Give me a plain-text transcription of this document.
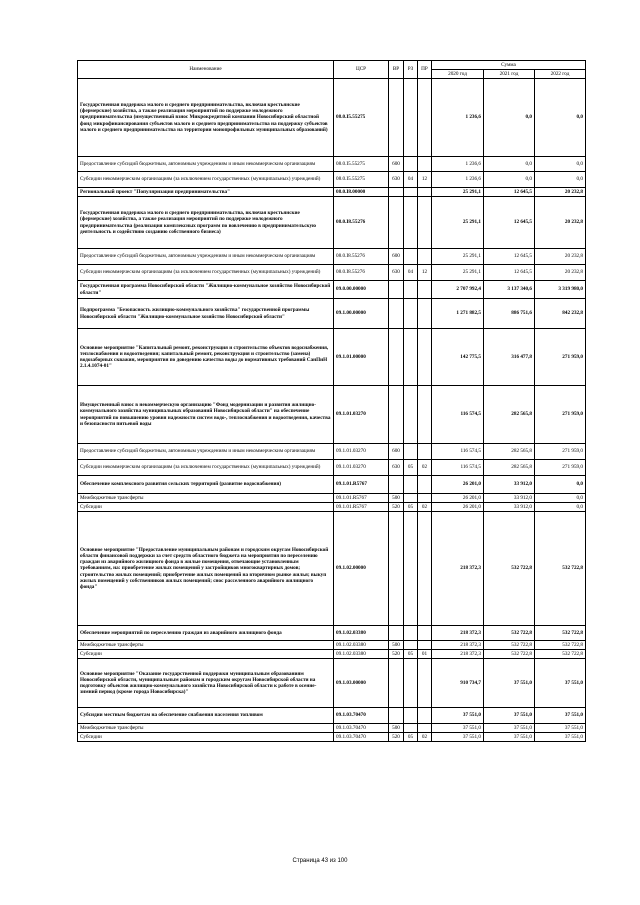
Наименование	ЦСР	ВР	РЗ	ПР	Сумма		
					2020 год	2021 год	2022 год
Государственная поддержка малого и среднего предпринимательства, включая крестьянские (фермерские) хозяйства, а также реализация мероприятий по поддержке молодежного предпринимательства (имущественный взнос Микрокредитной компании Новосибирский областной фонд микрофинансирования субъектов малого и среднего предпринимательства на поддержку субъектов малого и среднего предпринимательства на территории монопрофильных муниципальных образований)	08.0.I5.55275				1 236,6	0,0	0,0
Предоставление субсидий бюджетным, автономным учреждениям и иным некоммерческим организациям	08.0.I5.55275	600			1 236,6	0,0	0,0
Субсидии некоммерческим организациям (за исключением государственных (муниципальных) учреждений)	08.0.I5.55275	630	04	12	1 236,6	0,0	0,0
Региональный проект "Популяризация предпринимательства"	08.0.I8.00000				25 291,1	12 645,5	20 232,8
Государственная поддержка малого и среднего предпринимательства, включая крестьянские (фермерские) хозяйства, а также реализация мероприятий по поддержке молодежного предпринимательства (реализация комплексных программ по вовлечению в предпринимательскую деятельность и содействию созданию собственного бизнеса)	08.0.I8.55276				25 291,1	12 645,5	20 232,8
Предоставление субсидий бюджетным, автономным учреждениям и иным некоммерческим организациям	08.0.I8.55276	600			25 291,1	12 645,5	20 232,8
Субсидии некоммерческим организациям (за исключением государственных (муниципальных) учреждений)	08.0.I8.55276	630	04	12	25 291,1	12 645,5	20 232,8
Государственная программа Новосибирской области "Жилищно-коммунальное хозяйство Новосибирской области"	09.0.00.00000				2 707 992,4	3 137 340,6	3 319 980,0
Подпрограмма "Безопасность жилищно-коммунального хозяйства" государственной программы Новосибирской области "Жилищно-коммунальное хозяйство Новосибирской области"	09.1.00.00000				1 271 882,5	886 751,6	842 232,8
Основное мероприятие "Капитальный ремонт, реконструкция и строительство объектов водоснабжения, теплоснабжения и водоотведения; капитальный ремонт, реконструкция и строительство (замена) водозаборных скважин, мероприятия по доведению качества воды до нормативных требований СанПиН 2.1.4.1074-01"	09.1.01.00000				142 775,5	316 477,8	271 959,0
Имущественный взнос в некоммерческую организацию "Фонд модернизации и развития жилищно-коммунального хозяйства муниципальных образований Новосибирской области" на обеспечение мероприятий по повышению уровня надежности систем водо-, теплоснабжения и водоотведения, качества и безопасности питьевой воды	09.1.01.03270				116 574,5	282 565,8	271 959,0
Предоставление субсидий бюджетным, автономным учреждениям и иным некоммерческим организациям	09.1.01.03270	600			116 574,5	282 565,8	271 959,0
Субсидии некоммерческим организациям (за исключением государственных (муниципальных) учреждений)	09.1.01.03270	630	05	02	116 574,5	282 565,8	271 959,0
Обеспечение комплексного развития сельских территорий (развитие водоснабжения)	09.1.01.R5767				26 201,0	33 912,0	0,0
Межбюджетные трансферты	09.1.01.R5767	500			26 201,0	33 912,0	0,0
Субсидии	09.1.01.R5767	520	05	02	26 201,0	33 912,0	0,0
Основное мероприятие "Предоставление муниципальным районам и городским округам Новосибирской области финансовой поддержки за счет средств областного бюджета на мероприятия по переселению граждан из аварийного жилищного фонда в жилые помещения, отвечающие установленным требованиям, на: приобретение жилых помещений у застройщиков многоквартирных домов; строительство жилых помещений; приобретение жилых помещений на вторичном рынке жилья; выкуп жилых помещений у собственников жилых помещений; снос расселенного аварийного жилищного фонда"	09.1.02.00000				218 372,3	532 722,8	532 722,8
Обеспечение мероприятий по переселению граждан из аварийного жилищного фонда	09.1.02.03380				218 372,3	532 722,8	532 722,8
Межбюджетные трансферты	09.1.02.03380	500			218 372,3	532 722,8	532 722,8
Субсидии	09.1.02.03380	520	05	01	218 372,3	532 722,8	532 722,8
Основное мероприятие "Оказание государственной поддержки муниципальным образованиям Новосибирской области, муниципальным районам и городским округам Новосибирской области на подготовку объектов жилищно-коммунального хозяйства Новосибирской области к работе в осенне-зимний период (кроме города Новосибирска)"	09.1.03.00000				910 734,7	37 551,0	37 551,0
Субсидии местным бюджетам на обеспечение снабжения населения топливом	09.1.03.70470				37 551,0	37 551,0	37 551,0
Межбюджетные трансферты	09.1.03.70470	500			37 551,0	37 551,0	37 551,0
Субсидии	09.1.03.70470	520	05	02	37 551,0	37 551,0	37 551,0
Страница 43 из 100
